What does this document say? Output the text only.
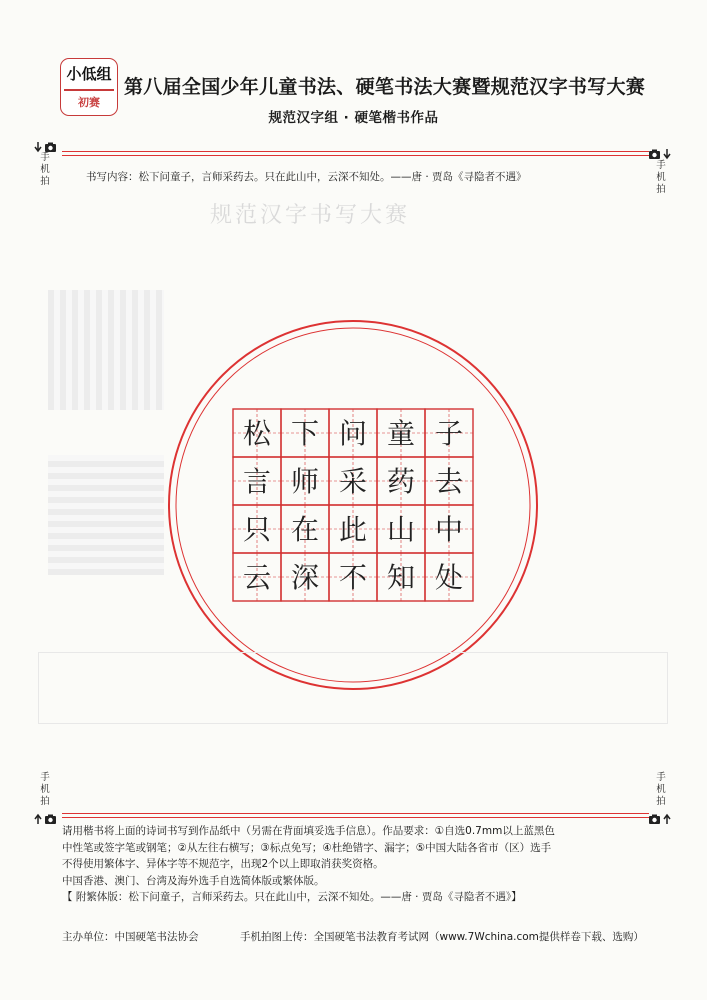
规范汉字书写大赛
小低组
初赛
第八届全国少年儿童书法、硬笔书法大赛暨规范汉字书写大赛
规范汉字组 · 硬笔楷书作品
手
机
拍
手
机
拍
书写内容：松下问童子，言师采药去。只在此山中，云深不知处。——唐 · 贾岛《寻隐者不遇》
松 下 问 童 子
言 师 采 药 去
只 在 此 山 中
云 深 不 知 处
手
机
拍
手
机
拍

请用楷书将上面的诗词书写到作品纸中（另需在背面填妥选手信息）。作品要求：①自选0.7mm以上蓝黑色

中性笔或签字笔或钢笔；②从左往右横写；③标点免写；④杜绝错字、漏字；⑤中国大陆各省市（区）选手

不得使用繁体字、异体字等不规范字，出现2个以上即取消获奖资格。

中国香港、澳门、台湾及海外选手自选简体版或繁体版。

【 附繁体版：松下问童子，言师采药去。只在此山中，云深不知处。——唐 · 贾岛《寻隐者不遇》】

主办单位：中国硬笔书法协会	手机拍图上传：全国硬笔书法教育考试网（www.7Wchina.com提供样卷下载、选购）
